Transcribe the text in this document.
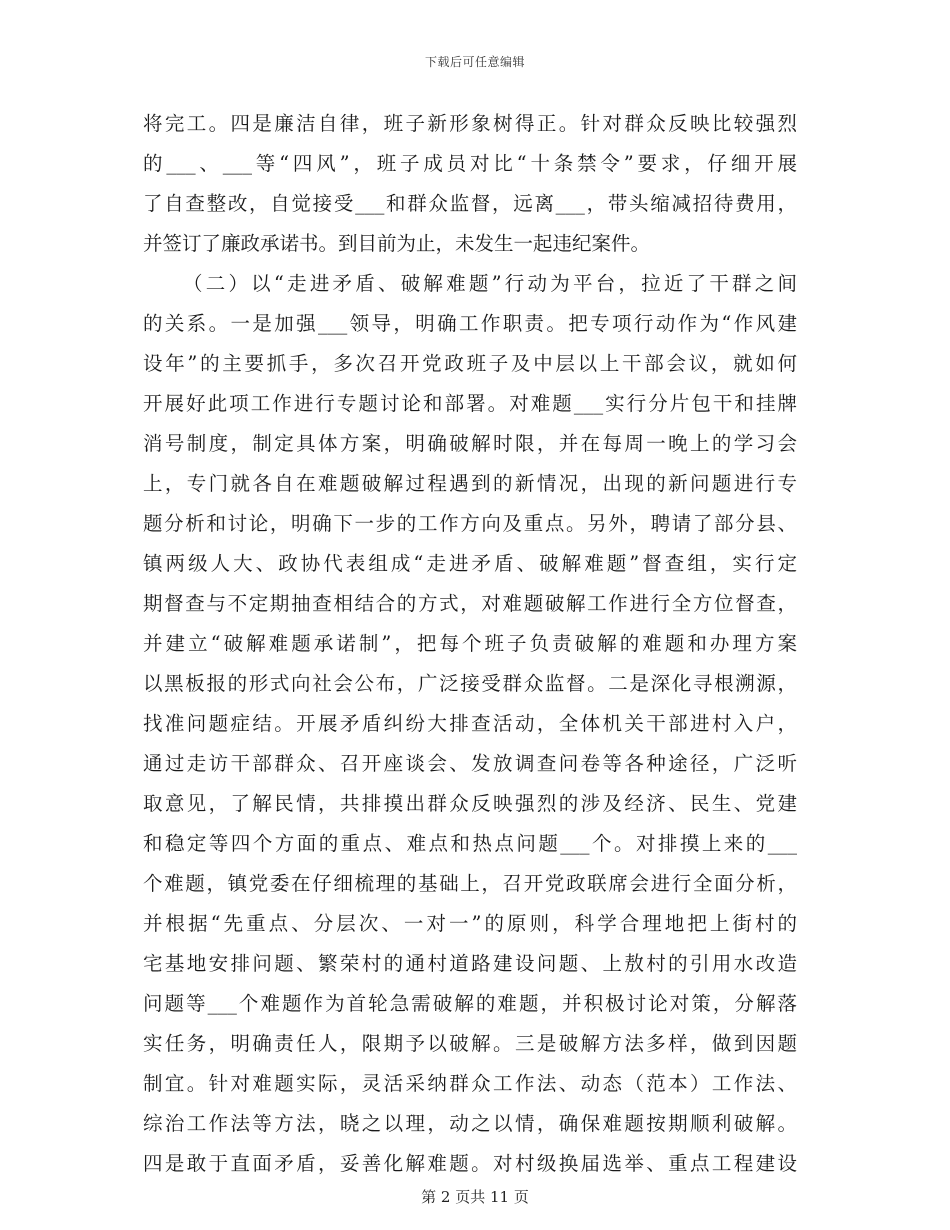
下载后可任意编辑
将完工。四是廉洁自律，班子新形象树得正。针对群众反映比较强烈
的___、___等“四风”，班子成员对比“十条禁令”要求，仔细开展
了自查整改，自觉接受___和群众监督，远离___，带头缩减招待费用，
并签订了廉政承诺书。到目前为止，未发生一起违纪案件。
（二）以“走进矛盾、破解难题”行动为平台，拉近了干群之间
的关系。一是加强___领导，明确工作职责。把专项行动作为“作风建
设年”的主要抓手，多次召开党政班子及中层以上干部会议，就如何
开展好此项工作进行专题讨论和部署。对难题___实行分片包干和挂牌
消号制度，制定具体方案，明确破解时限，并在每周一晚上的学习会
上，专门就各自在难题破解过程遇到的新情况，出现的新问题进行专
题分析和讨论，明确下一步的工作方向及重点。另外，聘请了部分县、
镇两级人大、政协代表组成“走进矛盾、破解难题”督查组，实行定
期督查与不定期抽查相结合的方式，对难题破解工作进行全方位督查，
并建立“破解难题承诺制”，把每个班子负责破解的难题和办理方案
以黑板报的形式向社会公布，广泛接受群众监督。二是深化寻根溯源，
找准问题症结。开展矛盾纠纷大排查活动，全体机关干部进村入户，
通过走访干部群众、召开座谈会、发放调查问卷等各种途径，广泛听
取意见，了解民情，共排摸出群众反映强烈的涉及经济、民生、党建
和稳定等四个方面的重点、难点和热点问题___个。对排摸上来的___
个难题，镇党委在仔细梳理的基础上，召开党政联席会进行全面分析，
并根据“先重点、分层次、一对一”的原则，科学合理地把上街村的
宅基地安排问题、繁荣村的通村道路建设问题、上敖村的引用水改造
问题等___个难题作为首轮急需破解的难题，并积极讨论对策，分解落
实任务，明确责任人，限期予以破解。三是破解方法多样，做到因题
制宜。针对难题实际，灵活采纳群众工作法、动态（范本）工作法、
综治工作法等方法，晓之以理，动之以情，确保难题按期顺利破解。
四是敢于直面矛盾，妥善化解难题。对村级换届选举、重点工程建设
第 2 页共 11 页
